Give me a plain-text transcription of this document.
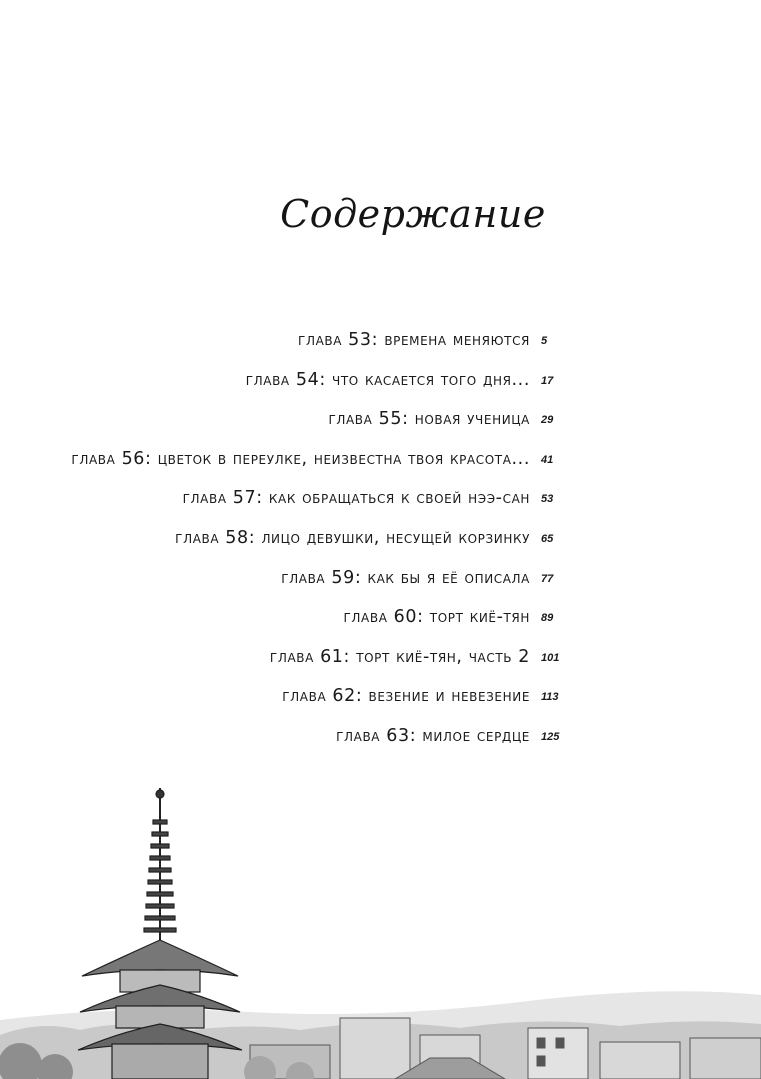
Содержание
глава 53: времена меняются 5
глава 54: что касается того дня... 17
глава 55: новая ученица 29
глава 56: цветок в переулке, неизвестна твоя красота... 41
глава 57: как обращаться к своей нээ-сан 53
глава 58: лицо девушки, несущей корзинку 65
глава 59: как бы я её описала 77
глава 60: торт киё-тян 89
глава 61: торт киё-тян, часть 2 101
глава 62: везение и невезение 113
глава 63: милое сердце 125
